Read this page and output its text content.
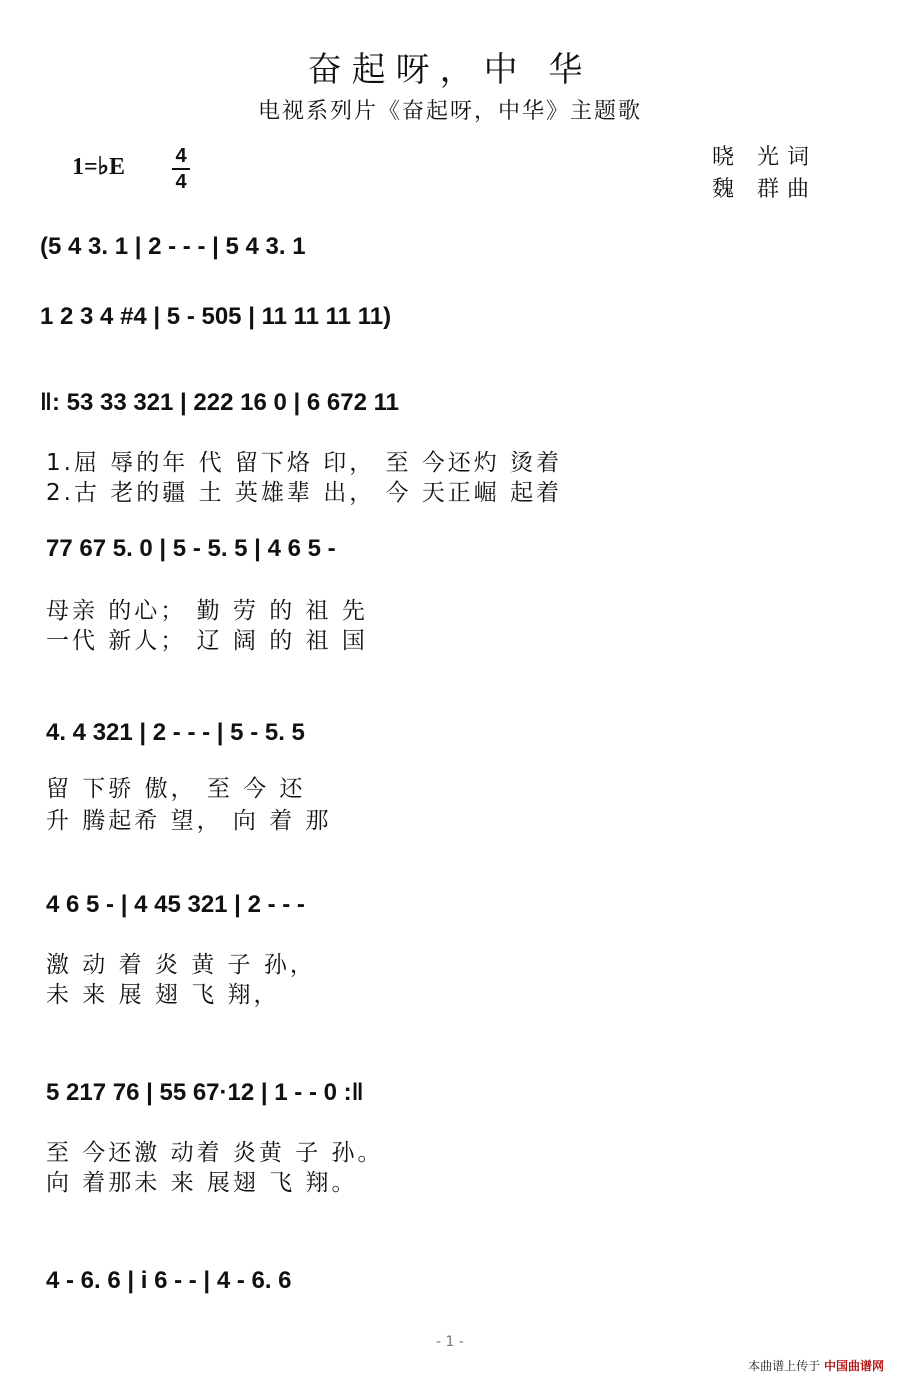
奋起呀，中 华
电视系列片《奋起呀，中华》主题歌
1=♭E	4
4
晓 光词
魏 群曲
(5 4 3. 1 | 2 - - - | 5 4 3. 1
1 2 3 4 #4 | 5 - 505 | 11 11 11 11)
‖: 53 33 321 | 222 16 0 | 6 672 11
1.屈 辱的年 代 留下烙 印， 至 今还灼 烫着
2.古 老的疆 土 英雄辈 出， 今 天正崛 起着
77 67 5. 0 | 5 - 5. 5 | 4 6 5 -
母亲 的心； 勤 劳 的 祖 先
一代 新人； 辽 阔 的 祖 国
4. 4 321 | 2 - - - | 5 - 5. 5
留 下骄 傲， 至 今 还
升 腾起希 望， 向 着 那
4 6 5 - | 4 45 321 | 2 - - -
激 动 着 炎 黄 子 孙，
未 来 展 翅 飞 翔，
5 217 76 | 55 67·12 | 1 - - 0 :‖
至 今还激 动着 炎黄 子 孙。
向 着那未 来 展翅 飞 翔。
4 - 6. 6 | i 6 - - | 4 - 6. 6
- 1 -
本曲谱上传于 中国曲谱网
